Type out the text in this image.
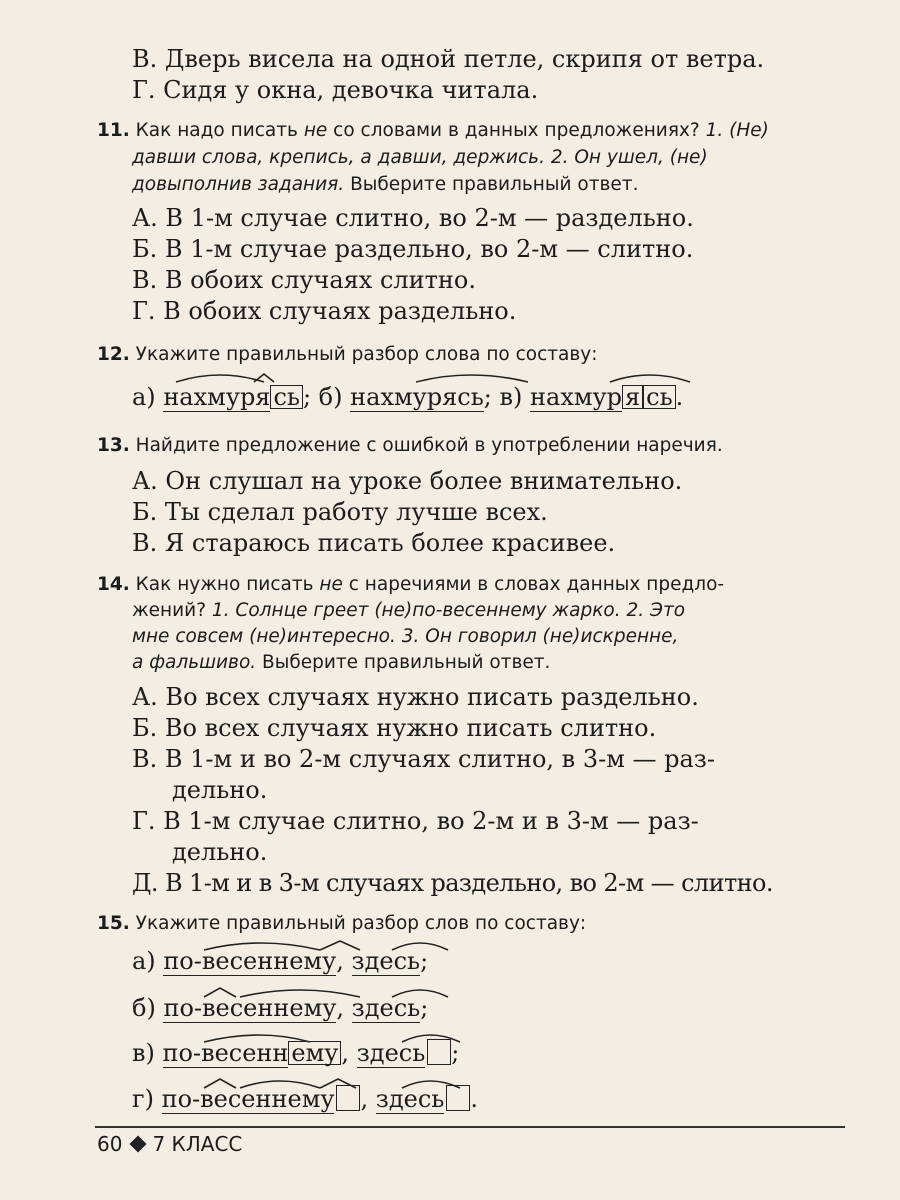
В. Дверь висела на одной петле, скрипя от ветра.
Г. Сидя у окна, девочка читала.
11. Как надо писать не со словами в данных предложениях? 1. (Не)
давши слова, крепись, а давши, держись. 2. Он ушел, (не)
довыполнив задания. Выберите правильный ответ.
А. В 1-м случае слитно, во 2-м — раздельно.
Б. В 1-м случае раздельно, во 2-м — слитно.
В. В обоих случаях слитно.
Г. В обоих случаях раздельно.
12. Укажите правильный разбор слова по составу:
а) нахмуря сь ; б) нахмурясь; в) нахмур я сь .
13. Найдите предложение с ошибкой в употреблении наречия.
А. Он слушал на уроке более внимательно.
Б. Ты сделал работу лучше всех.
В. Я стараюсь писать более красивее.
14. Как нужно писать не с наречиями в словах данных предло-
жений? 1. Солнце греет (не)по-весеннему жарко. 2. Это
мне совсем (не)интересно. 3. Он говорил (не)искренне,
а фальшиво. Выберите правильный ответ.
А. Во всех случаях нужно писать раздельно.
Б. Во всех случаях нужно писать слитно.
В. В 1-м и во 2-м случаях слитно, в 3-м — раз-
дельно.
Г. В 1-м случае слитно, во 2-м и в 3-м — раз-
дельно.
Д. В 1-м и в 3-м случаях раздельно, во 2-м — слитно.
15. Укажите правильный разбор слов по составу:
а) по-весеннему, здесь;
б) по-весеннему, здесь;
в) по-весенн ему , здесь ;
г) по-весеннему , здесь .
60 7 КЛАСС
